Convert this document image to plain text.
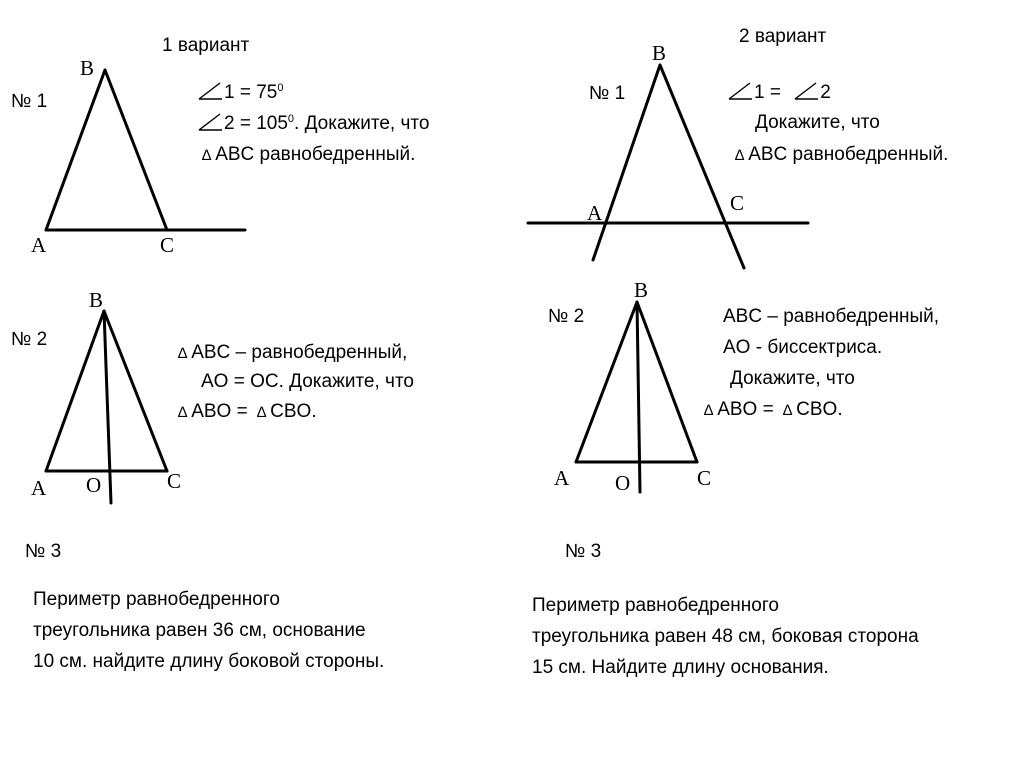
1 вариант
№ 1
B
A	C
$1 = 75^0$
$2 = 105^0$. Докажите, что
∆ ABC равнобедренный.
№ 2
B
A O	C
∆ ABC – равнобедренный,
AO = OC. Докажите, что
∆ ABO = ∆ CBO.
№ 3
Периметр равнобедренного
треугольника равен 36 см, основание
10 см. найдите длину боковой стороны.
2 вариант
№ 1
B
A	C
1 = 2
Докажите, что
∆ ABC равнобедренный.
№ 2
B
A O	C
ABC – равнобедренный,
AO - биссектриса.
Докажите, что
∆ ABO = ∆ CBO.
№ 3
Периметр равнобедренного
треугольника равен 48 см, боковая сторона
15 см. Найдите длину основания.
